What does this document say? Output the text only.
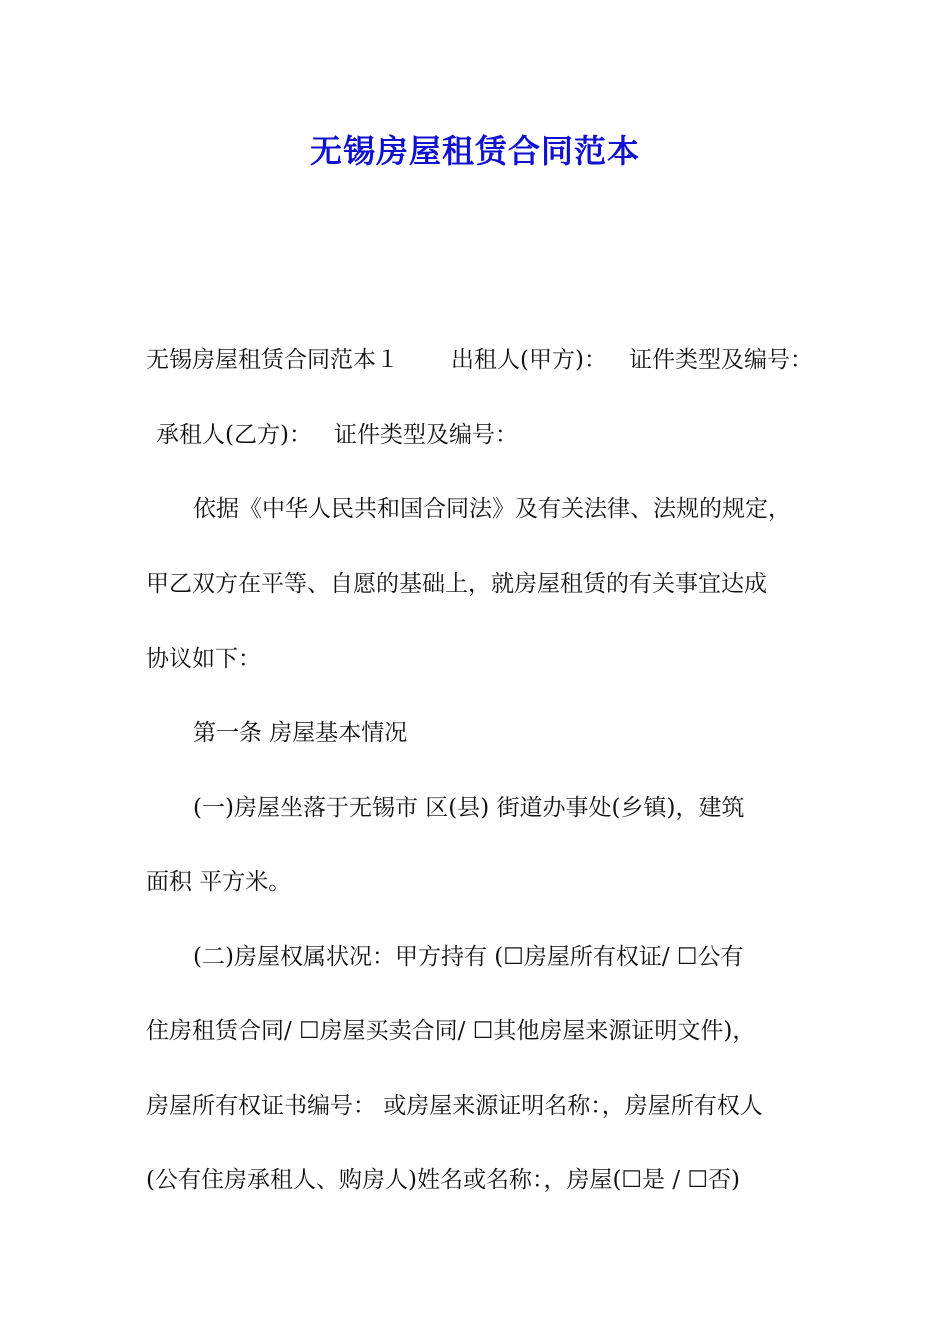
无锡房屋租赁合同范本

无锡房屋租赁合同范本１ 出租人(甲方)： 证件类型及编号：

承租人(乙方)： 证件类型及编号：

依据《中华人民共和国合同法》及有关法律、法规的规定，

甲乙双方在平等、自愿的基础上，就房屋租赁的有关事宜达成

协议如下：

第一条 房屋基本情况

(一)房屋坐落于无锡市 区(县) 街道办事处(乡镇)，建筑

面积 平方米。

(二)房屋权属状况：甲方持有 (☐房屋所有权证/ ☐公有

住房租赁合同/ ☐房屋买卖合同/ ☐其他房屋来源证明文件)，

房屋所有权证书编号： 或房屋来源证明名称：，房屋所有权人

(公有住房承租人、购房人)姓名或名称：，房屋(☐是 / ☐否)
